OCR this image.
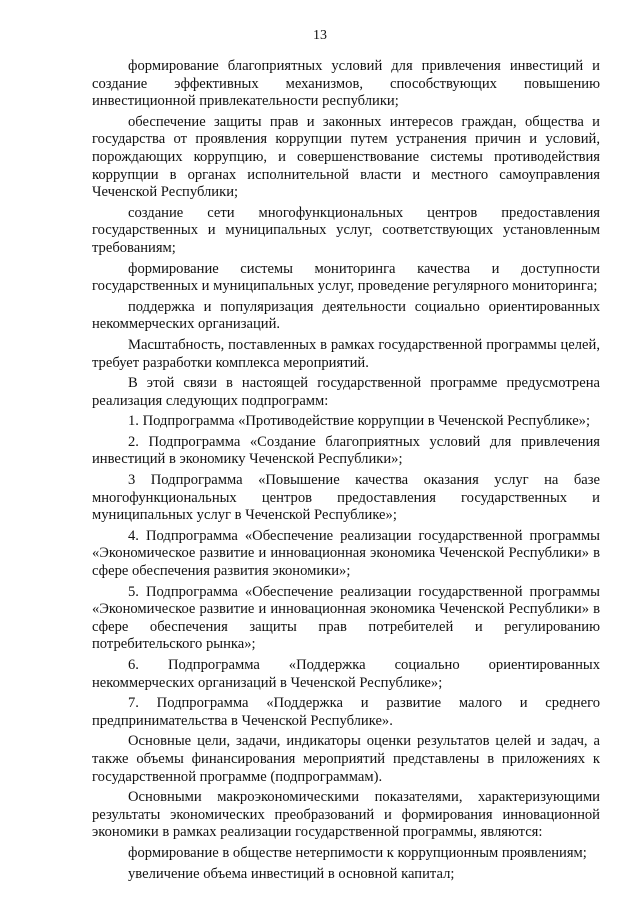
13

формирование благоприятных условий для привлечения инвестиций и создание эффективных механизмов, способствующих повышению инвестиционной привлекательности республики;

обеспечение защиты прав и законных интересов граждан, общества и государства от проявления коррупции путем устранения причин и условий, порождающих коррупцию, и совершенствование системы противодействия коррупции в органах исполнительной власти и местного самоуправления Чеченской Республики;

создание сети многофункциональных центров предоставления государственных и муниципальных услуг, соответствующих установленным требованиям;

формирование системы мониторинга качества и доступности государственных и муниципальных услуг, проведение регулярного мониторинга;

поддержка и популяризация деятельности социально ориентированных некоммерческих организаций.

Масштабность, поставленных в рамках государственной программы целей, требует разработки комплекса мероприятий.

В этой связи в настоящей государственной программе предусмотрена реализация следующих подпрограмм:

1. Подпрограмма «Противодействие коррупции в Чеченской Республике»;

2. Подпрограмма «Создание благоприятных условий для привлечения инвестиций в экономику Чеченской Республики»;

3 Подпрограмма «Повышение качества оказания услуг на базе многофункциональных центров предоставления государственных и муниципальных услуг в Чеченской Республике»;

4. Подпрограмма «Обеспечение реализации государственной программы «Экономическое развитие и инновационная экономика Чеченской Республики» в сфере обеспечения развития экономики»;

5. Подпрограмма «Обеспечение реализации государственной программы «Экономическое развитие и инновационная экономика Чеченской Республики» в сфере обеспечения защиты прав потребителей и регулированию потребительского рынка»;

6. Подпрограмма «Поддержка социально ориентированных некоммерческих организаций в Чеченской Республике»;

7. Подпрограмма «Поддержка и развитие малого и среднего предпринимательства в Чеченской Республике».

Основные цели, задачи, индикаторы оценки результатов целей и задач, а также объемы финансирования мероприятий представлены в приложениях к государственной программе (подпрограммам).

Основными макроэкономическими показателями, характеризующими результаты экономических преобразований и формирования инновационной экономики в рамках реализации государственной программы, являются:

формирование в обществе нетерпимости к коррупционным проявлениям;

увеличение объема инвестиций в основной капитал;
